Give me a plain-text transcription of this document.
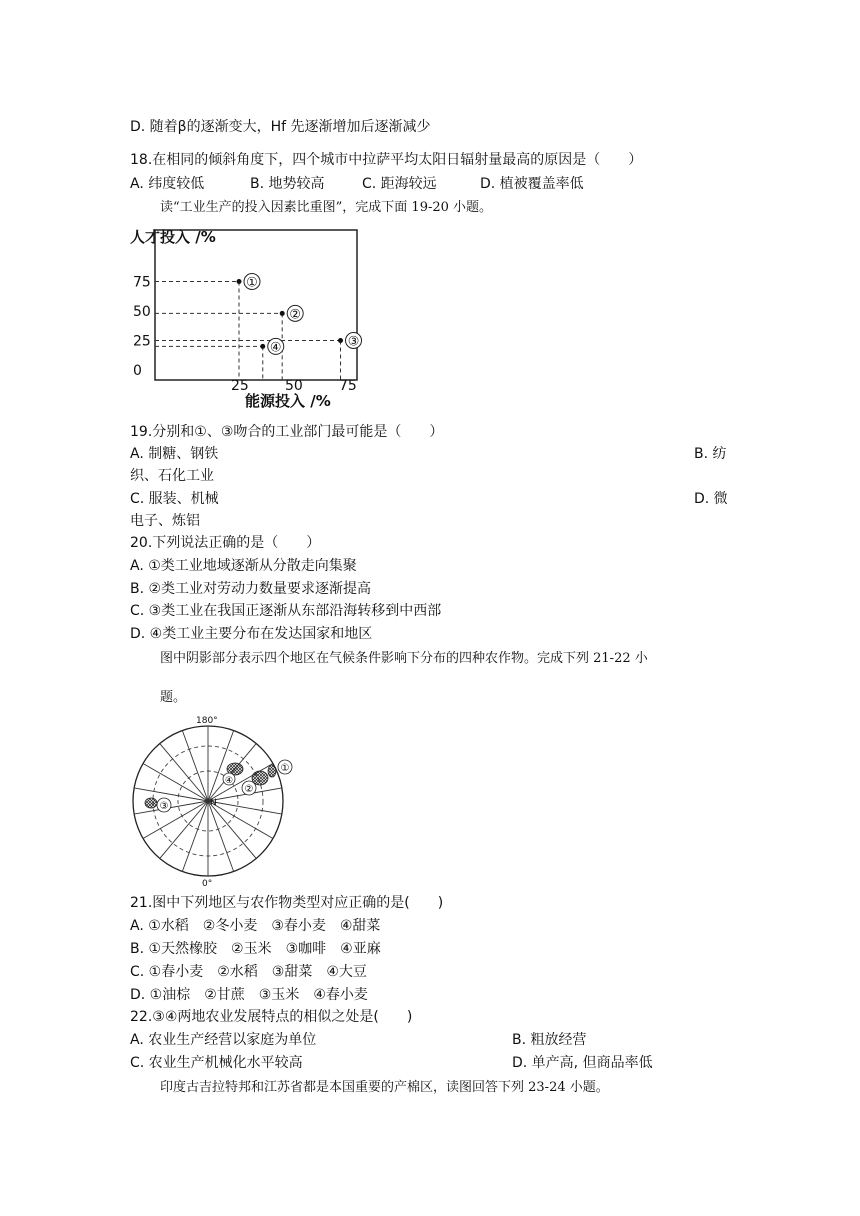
D. 随着β的逐渐变大，Hf 先逐渐增加后逐渐减少
18.在相同的倾斜角度下，四个城市中拉萨平均太阳日辐射量最高的原因是（　　）
A. 纬度较低	B. 地势较高	C. 距海较远	D. 植被覆盖率低
读“工业生产的投入因素比重图”，完成下面 19-20 小题。
人才投入 /%
75
50
25
0
25	50	75
①
②
③
④
能源投入 /%
19.分别和①、③吻合的工业部门最可能是（　　）
A. 制糖、钢铁	B. 纺
织、石化工业
C. 服装、机械	D. 微
电子、炼铝
20.下列说法正确的是（　　）
A. ①类工业地域逐渐从分散走向集聚
B. ②类工业对劳动力数量要求逐渐提高
C. ③类工业在我国正逐渐从东部沿海转移到中西部
D. ④类工业主要分布在发达国家和地区
图中阴影部分表示四个地区在气候条件影响下分布的四种农作物。完成下列 21-22 小
题。
180°
N
①
②
③
④
0°
21.图中下列地区与农作物类型对应正确的是(　　)
A. ①水稻　②冬小麦　③春小麦　④甜菜
B. ①天然橡胶　②玉米　③咖啡　④亚麻
C. ①春小麦　②水稻　③甜菜　④大豆
D. ①油棕　②甘蔗　③玉米　④春小麦
22.③④两地农业发展特点的相似之处是(　　)
A. 农业生产经营以家庭为单位	B. 粗放经营
C. 农业生产机械化水平较高	D. 单产高, 但商品率低
印度古吉拉特邦和江苏省都是本国重要的产棉区，读图回答下列 23-24 小题。
